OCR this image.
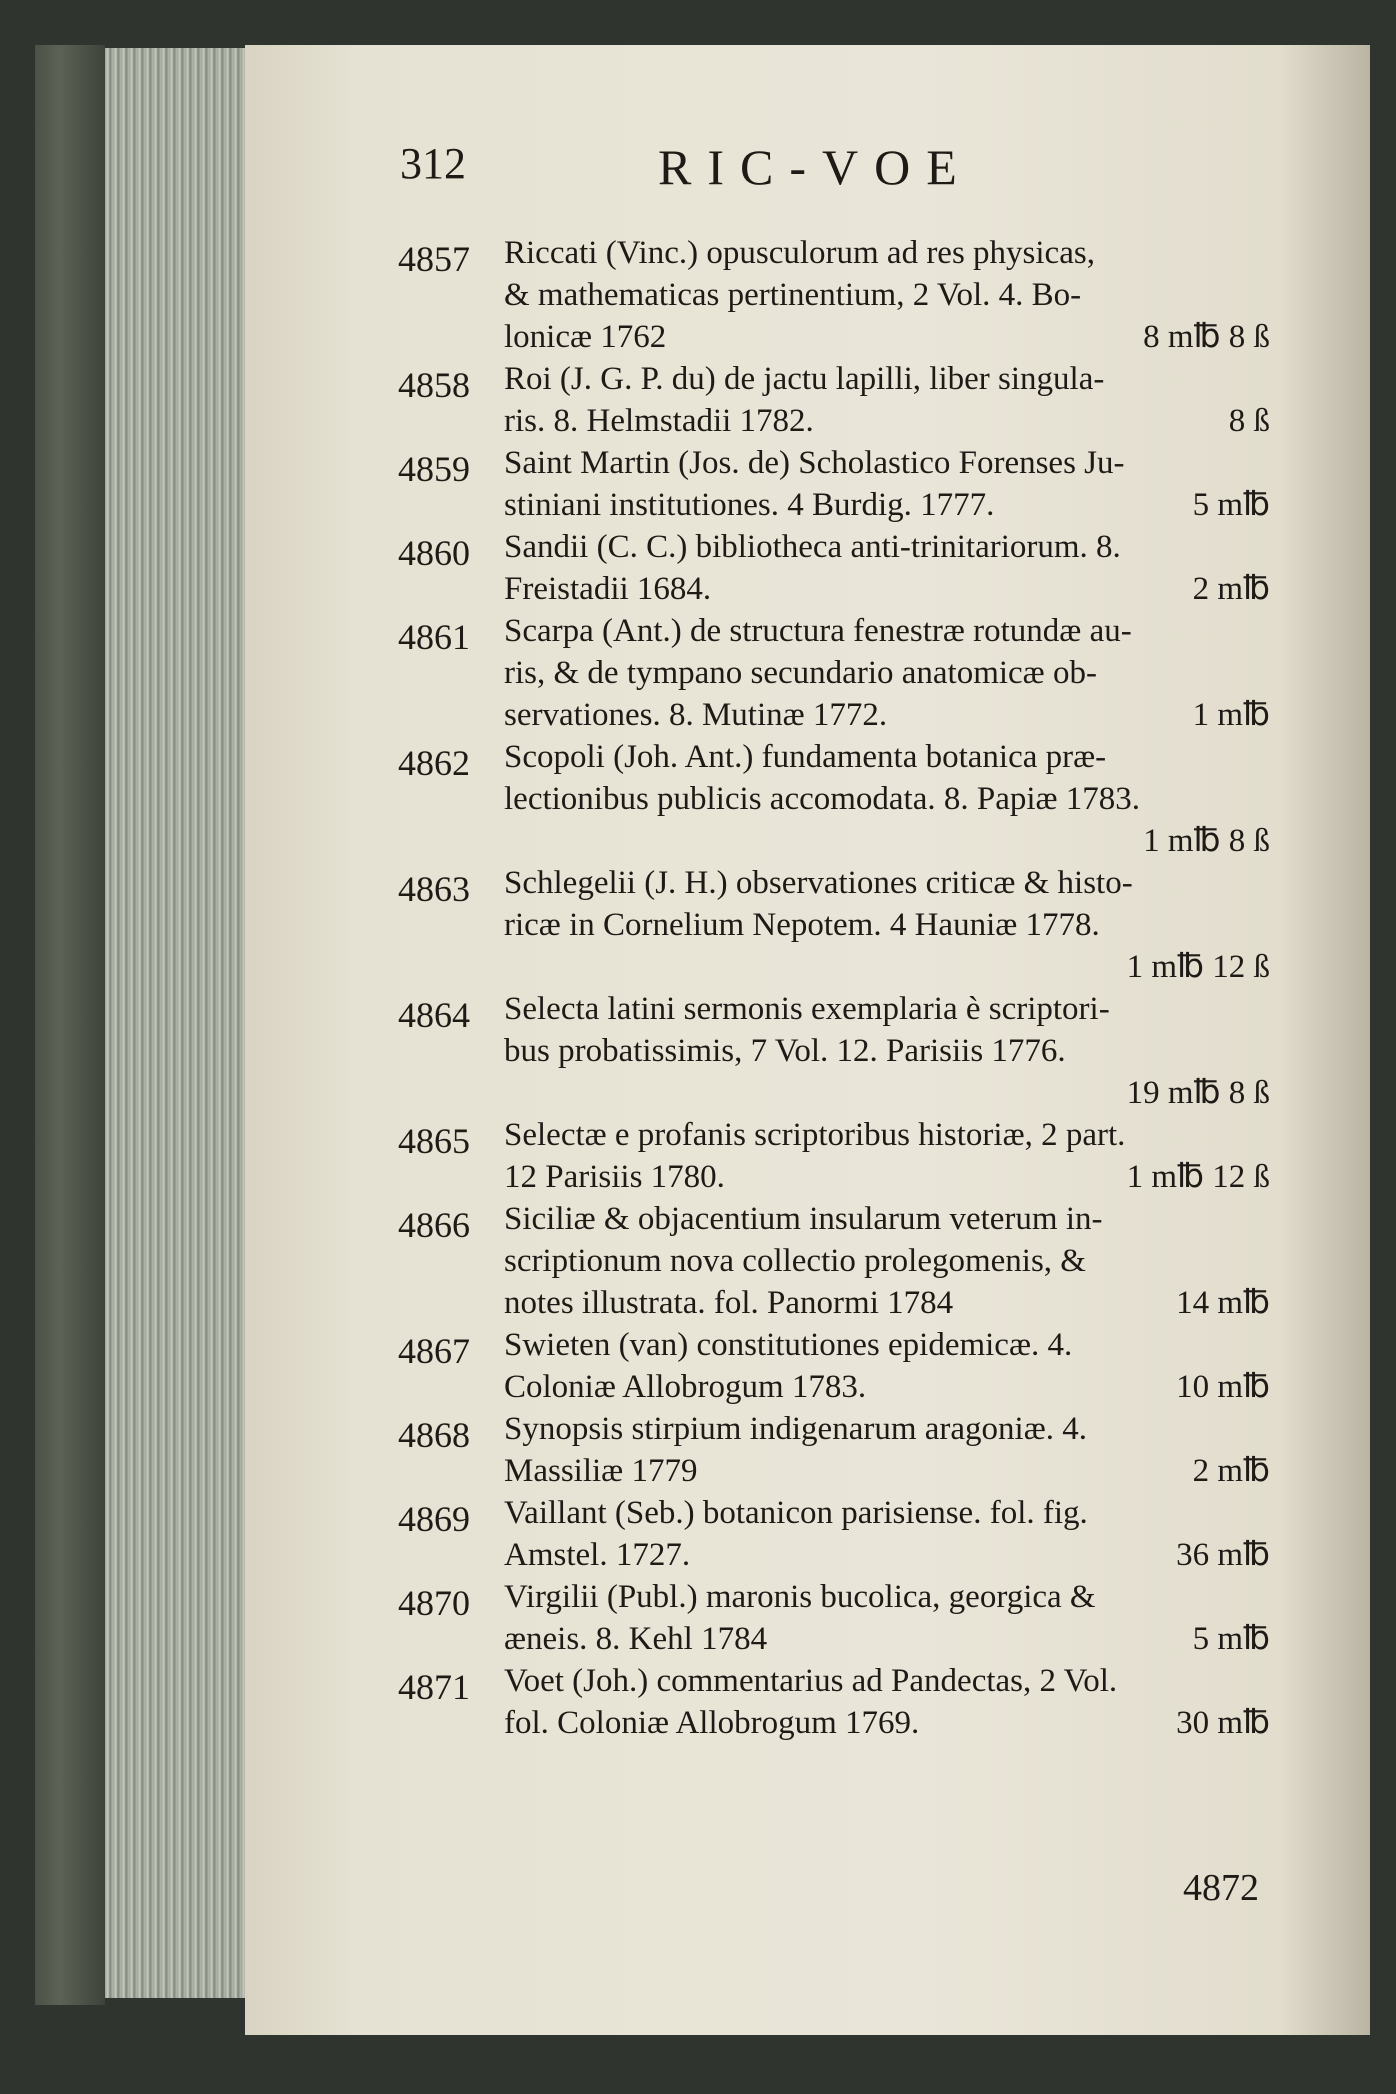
312	RIC-VOE
4857	Riccati (Vinc.) opusculorum ad res physicas,
& mathematicas pertinentium, 2 Vol. 4. Bo-
lonicæ 1762	8 m℔ 8 ß
4858	Roi (J. G. P. du) de jactu lapilli, liber singula-
ris. 8. Helmstadii 1782.	8 ß
4859	Saint Martin (Jos. de) Scholastico Forenses Ju-
stiniani institutiones. 4 Burdig. 1777.	5 m℔
4860	Sandii (C. C.) bibliotheca anti-trinitariorum. 8.
Freistadii 1684.	2 m℔
4861	Scarpa (Ant.) de structura fenestræ rotundæ au-
ris, & de tympano secundario anatomicæ ob-
servationes. 8. Mutinæ 1772.	1 m℔
4862	Scopoli (Joh. Ant.) fundamenta botanica præ-
lectionibus publicis accomodata. 8. Papiæ 1783.
1 m℔ 8 ß
4863	Schlegelii (J. H.) observationes criticæ & histo-
ricæ in Cornelium Nepotem. 4 Hauniæ 1778.
1 m℔ 12 ß
4864	Selecta latini sermonis exemplaria è scriptori-
bus probatissimis, 7 Vol. 12. Parisiis 1776.
19 m℔ 8 ß
4865	Selectæ e profanis scriptoribus historiæ, 2 part.
12 Parisiis 1780.	1 m℔ 12 ß
4866	Siciliæ & objacentium insularum veterum in-
scriptionum nova collectio prolegomenis, &
notes illustrata. fol. Panormi 1784	14 m℔
4867	Swieten (van) constitutiones epidemicæ. 4.
Coloniæ Allobrogum 1783.	10 m℔
4868	Synopsis stirpium indigenarum aragoniæ. 4.
Massiliæ 1779	2 m℔
4869	Vaillant (Seb.) botanicon parisiense. fol. fig.
Amstel. 1727.	36 m℔
4870	Virgilii (Publ.) maronis bucolica, georgica &
æneis. 8. Kehl 1784	5 m℔
4871	Voet (Joh.) commentarius ad Pandectas, 2 Vol.
fol. Coloniæ Allobrogum 1769.	30 m℔
4872
